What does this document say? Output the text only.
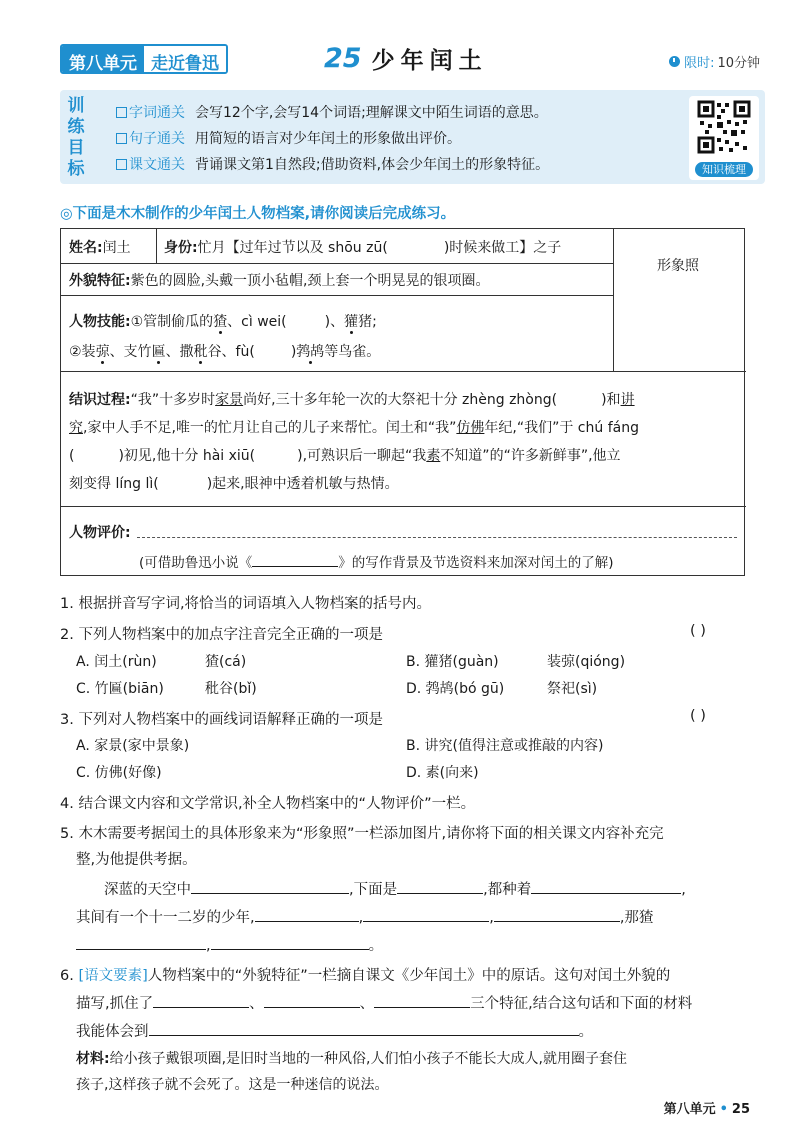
第八单元 走近鲁迅	25 少年闰土	限时: 10分钟
训练目标
字词通关 会写12个字,会写14个词语;理解课文中陌生词语的意思。
句子通关 用简短的语言对少年闰土的形象做出评价。
课文通关 背诵课文第1自然段;借助资料,体会少年闰土的形象特征。	知识梳理
◎下面是木木制作的少年闰土人物档案,请你阅读后完成练习。
姓名:闰土 身份:忙月【过年过节以及 shōu zū(	)时候来做工】之子
形象照
外貌特征:紫色的圆脸,头戴一顶小毡帽,颈上套一个明晃晃的银项圈。
人物技能:①管制偷瓜的猹、cì wei(	)、獾猪;
②装弶、支竹匾、撒秕谷、fù(	)鹁鸪等鸟雀。
结识过程:“我”十多岁时家景尚好,三十多年轮一次的大祭祀十分 zhèng zhòng(	)和讲
究,家中人手不足,唯一的忙月让自己的儿子来帮忙。闰土和“我”仿佛年纪,“我们”于 chú fáng
(	)初见,他十分 hài xiū(	),可熟识后一聊起“我素不知道”的“许多新鲜事”,他立
刻变得 líng lì(	)起来,眼神中透着机敏与热情。
人物评价:
(可借助鲁迅小说《	》的写作背景及节选资料来加深对闰土的了解)
1. 根据拼音写字词,将恰当的词语填入人物档案的括号内。
2. 下列人物档案中的加点字注音完全正确的一项是	( )
A. 闰土(rùn)	猹(cá)	B. 獾猪(guàn)	装弶(qióng)
C. 竹匾(biān)	秕谷(bǐ)	D. 鹁鸪(bó gū)	祭祀(sì)
3. 下列对人物档案中的画线词语解释正确的一项是	( )
A. 家景(家中景象)	B. 讲究(值得注意或推敲的内容)
C. 仿佛(好像)	D. 素(向来)
4. 结合课文内容和文学常识,补全人物档案中的“人物评价”一栏。
5. 木木需要考据闰土的具体形象来为“形象照”一栏添加图片,请你将下面的相关课文内容补充完
整,为他提供考据。
深蓝的天空中	,下面是	,都种着	,
其间有一个十一二岁的少年,	,	,	,那猹
,	。
6. [语文要素]人物档案中的“外貌特征”一栏摘自课文《少年闰土》中的原话。这句对闰土外貌的
描写,抓住了	、	、	三个特征,结合这句话和下面的材料
我能体会到	。
材料:给小孩子戴银项圈,是旧时当地的一种风俗,人们怕小孩子不能长大成人,就用圈子套住
孩子,这样孩子就不会死了。这是一种迷信的说法。
第八单元 • 25
